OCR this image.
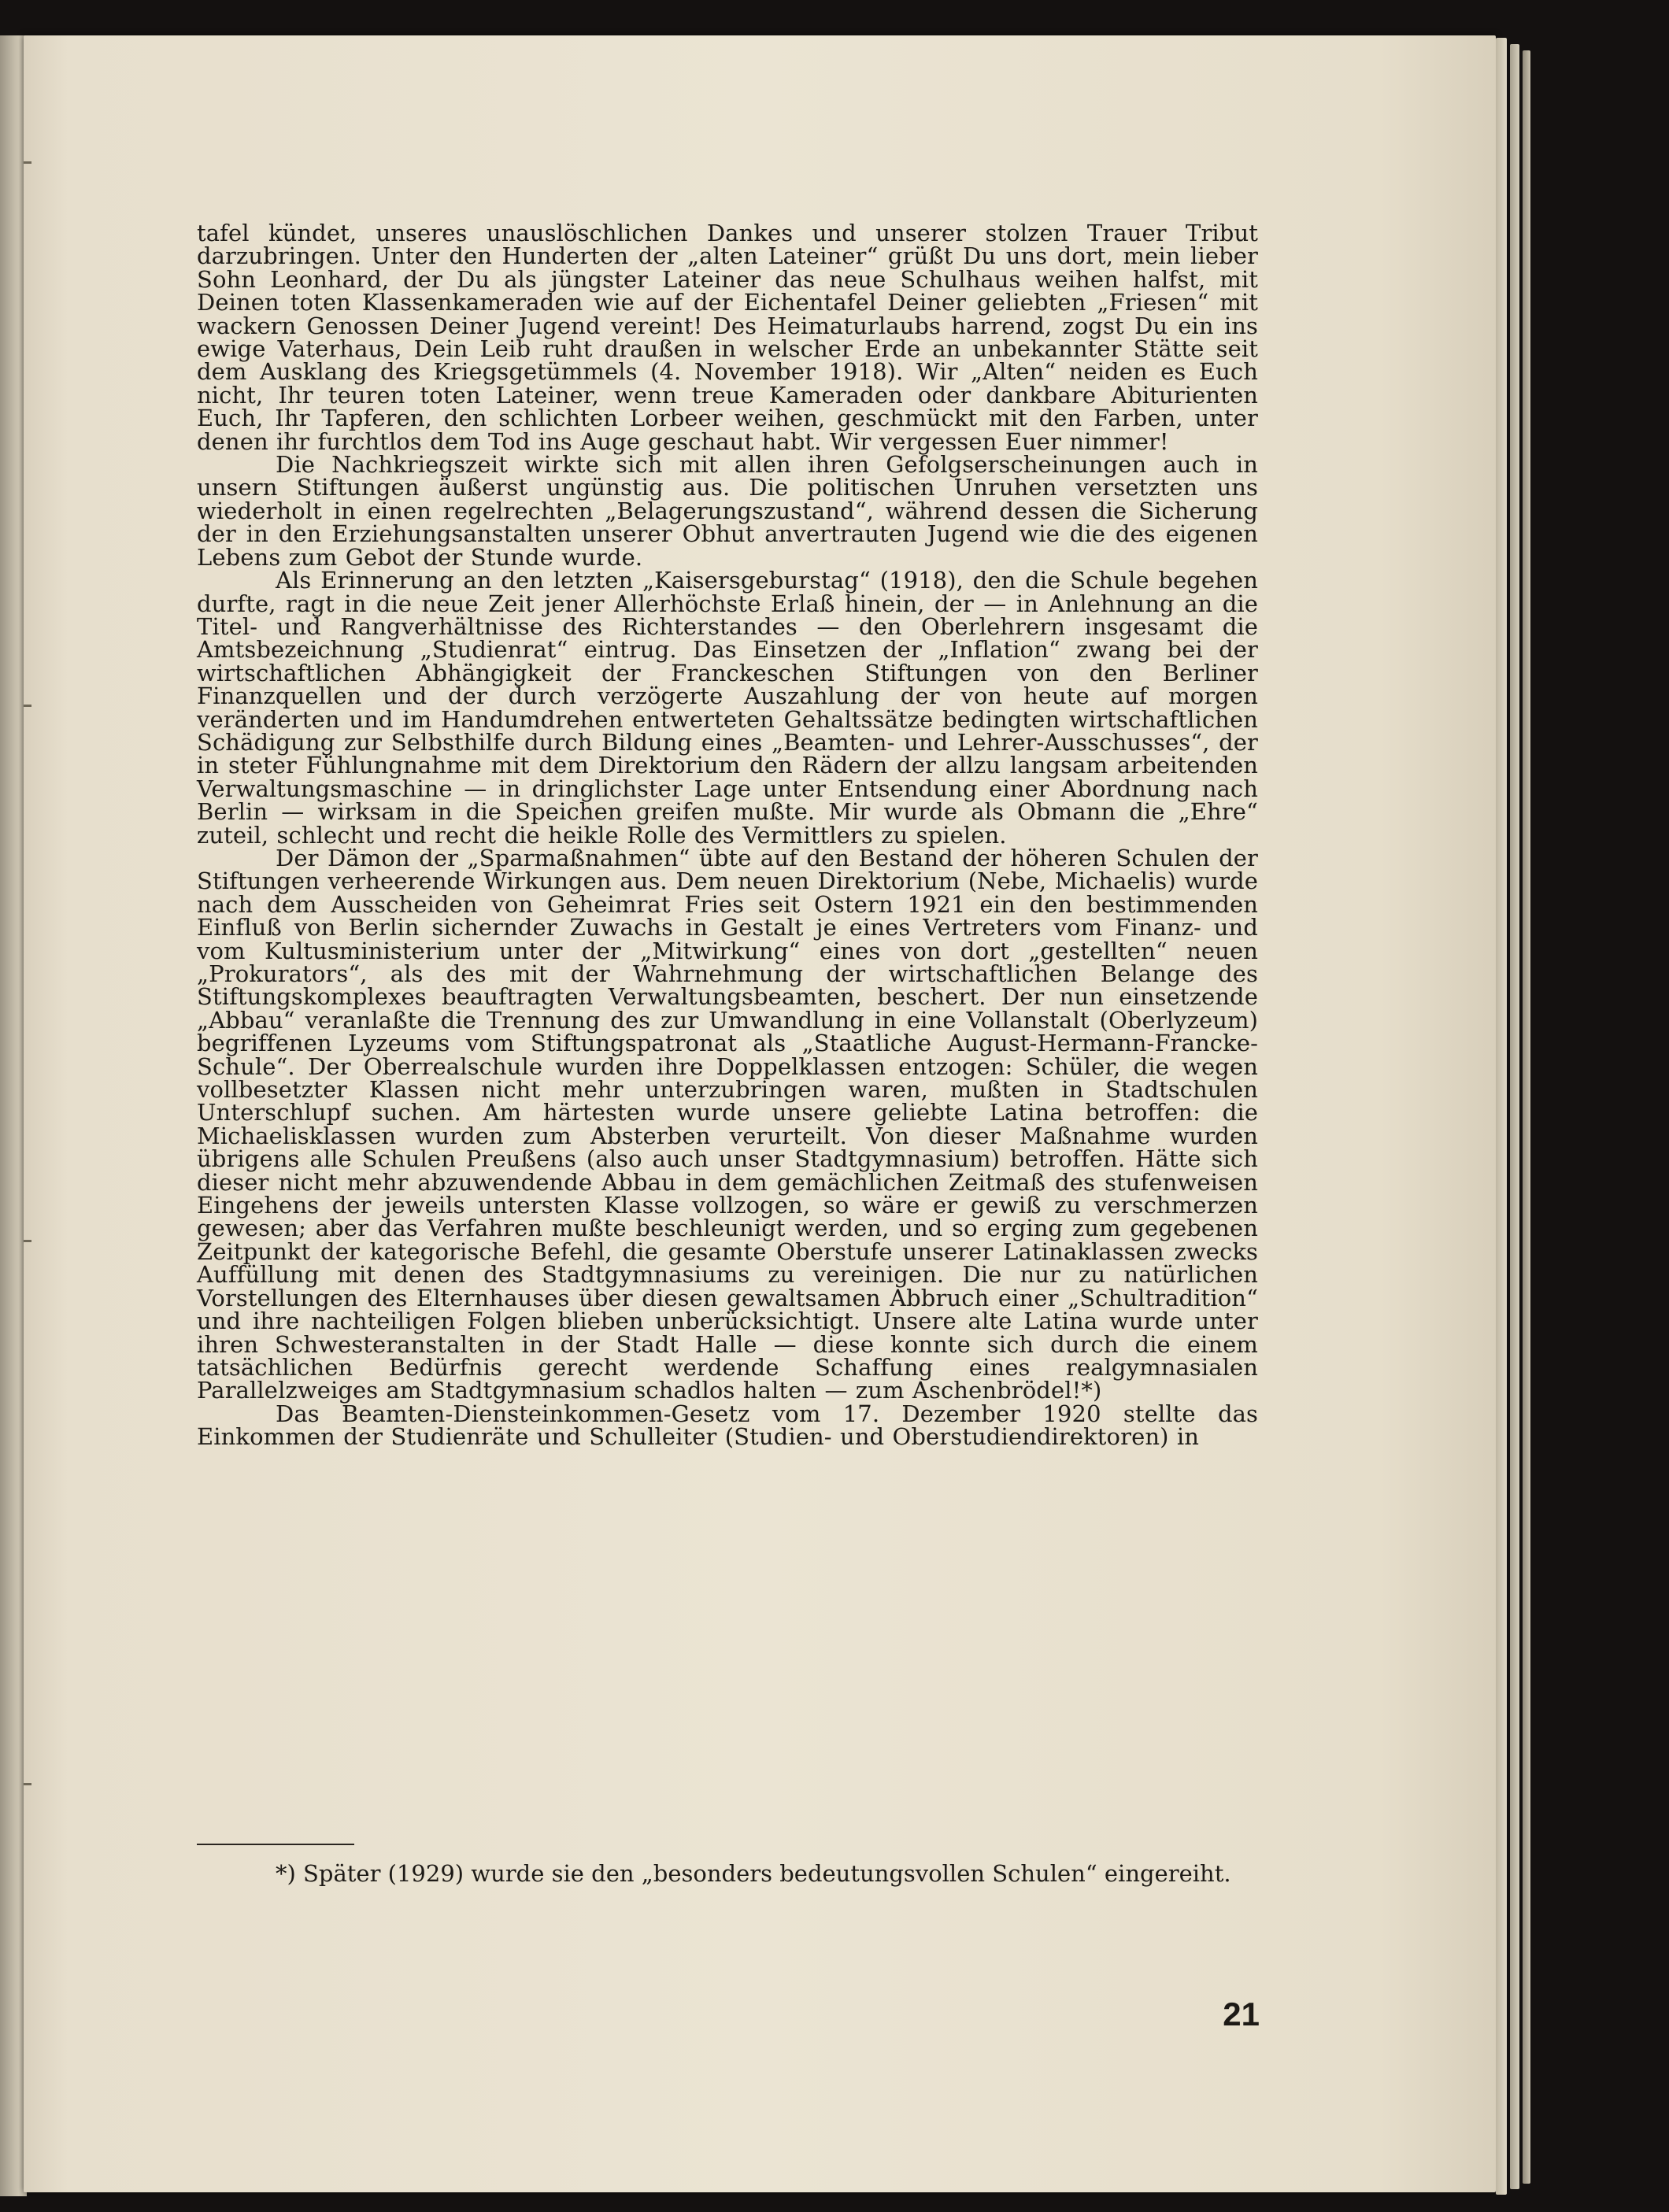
tafel kündet, unseres unauslöschlichen Dankes und unserer stolzen Trauer Tribut darzubringen. Unter den Hunderten der „alten Lateiner“ grüßt Du uns dort, mein lieber Sohn Leonhard, der Du als jüngster Lateiner das neue Schulhaus weihen halfst, mit Deinen toten Klassenkameraden wie auf der Eichentafel Deiner geliebten „Friesen“ mit wackern Genossen Deiner Jugend vereint! Des Heimaturlaubs harrend, zogst Du ein ins ewige Vaterhaus, Dein Leib ruht draußen in welscher Erde an unbekannter Stätte seit dem Ausklang des Kriegsgetümmels (4. November 1918). Wir „Alten“ neiden es Euch nicht, Ihr teuren toten Lateiner, wenn treue Kameraden oder dankbare Abiturienten Euch, Ihr Tapferen, den schlichten Lorbeer weihen, geschmückt mit den Farben, unter denen ihr furchtlos dem Tod ins Auge geschaut habt. Wir vergessen Euer nimmer!

Die Nachkriegszeit wirkte sich mit allen ihren Gefolgserscheinungen auch in unsern Stiftungen äußerst ungünstig aus. Die politischen Unruhen versetzten uns wiederholt in einen regelrechten „Belagerungszustand“, während dessen die Sicherung der in den Erziehungsanstalten unserer Obhut anvertrauten Jugend wie die des eigenen Lebens zum Gebot der Stunde wurde.

Als Erinnerung an den letzten „Kaisersgeburstag“ (1918), den die Schule begehen durfte, ragt in die neue Zeit jener Allerhöchste Erlaß hinein, der — in Anlehnung an die Titel- und Rangverhältnisse des Richterstandes — den Oberlehrern insgesamt die Amtsbezeichnung „Studienrat“ eintrug. Das Einsetzen der „Inflation“ zwang bei der wirtschaftlichen Abhängigkeit der Franckeschen Stiftungen von den Berliner Finanzquellen und der durch verzögerte Auszahlung der von heute auf morgen veränderten und im Handumdrehen entwerteten Gehaltssätze bedingten wirtschaftlichen Schädigung zur Selbsthilfe durch Bildung eines „Beamten- und Lehrer-Ausschusses“, der in steter Fühlungnahme mit dem Direktorium den Rädern der allzu langsam arbeitenden Verwaltungsmaschine — in dringlichster Lage unter Entsendung einer Abordnung nach Berlin — wirksam in die Speichen greifen mußte. Mir wurde als Obmann die „Ehre“ zuteil, schlecht und recht die heikle Rolle des Vermittlers zu spielen.

Der Dämon der „Sparmaßnahmen“ übte auf den Bestand der höheren Schulen der Stiftungen verheerende Wirkungen aus. Dem neuen Direktorium (Nebe, Michaelis) wurde nach dem Ausscheiden von Geheimrat Fries seit Ostern 1921 ein den bestimmenden Einfluß von Berlin sichernder Zuwachs in Gestalt je eines Vertreters vom Finanz- und vom Kultusministerium unter der „Mitwirkung“ eines von dort „gestellten“ neuen „Prokurators“, als des mit der Wahrnehmung der wirtschaftlichen Belange des Stiftungskomplexes beauftragten Verwaltungsbeamten, beschert. Der nun einsetzende „Abbau“ veranlaßte die Trennung des zur Umwandlung in eine Vollanstalt (Oberlyzeum) begriffenen Lyzeums vom Stiftungspatronat als „Staatliche August-Hermann-Francke-Schule“. Der Oberrealschule wurden ihre Doppelklassen entzogen: Schüler, die wegen vollbesetzter Klassen nicht mehr unterzubringen waren, mußten in Stadtschulen Unterschlupf suchen. Am härtesten wurde unsere geliebte Latina betroffen: die Michaelisklassen wurden zum Absterben verurteilt. Von dieser Maßnahme wurden übrigens alle Schulen Preußens (also auch unser Stadtgymnasium) betroffen. Hätte sich dieser nicht mehr abzuwendende Abbau in dem gemächlichen Zeitmaß des stufenweisen Eingehens der jeweils untersten Klasse vollzogen, so wäre er gewiß zu verschmerzen gewesen; aber das Verfahren mußte beschleunigt werden, und so erging zum gegebenen Zeitpunkt der kategorische Befehl, die gesamte Oberstufe unserer Latinaklassen zwecks Auffüllung mit denen des Stadtgymnasiums zu vereinigen. Die nur zu natürlichen Vorstellungen des Elternhauses über diesen gewaltsamen Abbruch einer „Schultradition“ und ihre nachteiligen Folgen blieben unberücksichtigt. Unsere alte Latina wurde unter ihren Schwesteranstalten in der Stadt Halle — diese konnte sich durch die einem tatsächlichen Bedürfnis gerecht werdende Schaffung eines realgymnasialen Parallelzweiges am Stadtgymnasium schadlos halten — zum Aschenbrödel!*)

Das Beamten-Diensteinkommen-Gesetz vom 17. Dezember 1920 stellte das Einkommen der Studienräte und Schulleiter (Studien- und Oberstudiendirektoren) in

*) Später (1929) wurde sie den „besonders bedeutungsvollen Schulen“ eingereiht.
21
